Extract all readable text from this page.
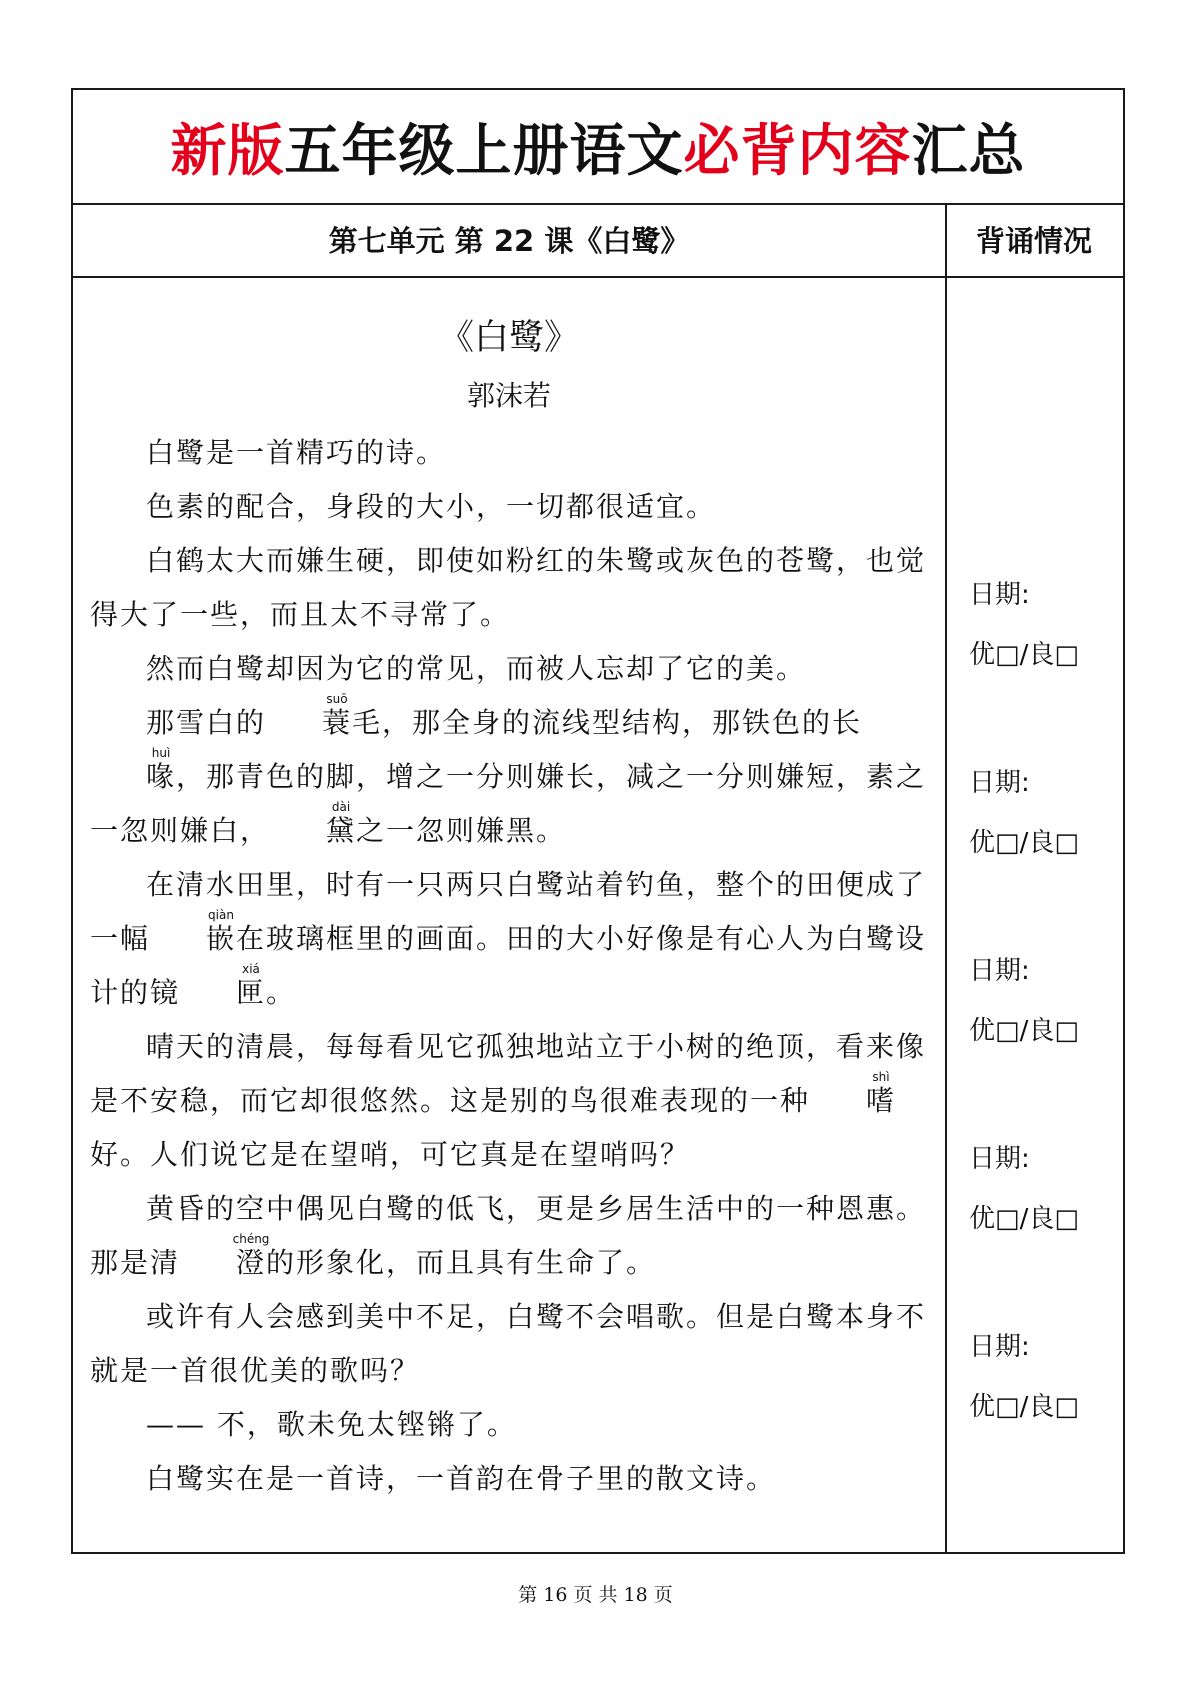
新版五年级上册语文必背内容汇总
第七单元 第 22 课《白鹭》	背诵情况
《白鹭》
郭沫若

白鹭是一首精巧的诗。

色素的配合，身段的大小，一切都很适宜。

白鹤太大而嫌生硬，即使如粉红的朱鹭或灰色的苍鹭，也觉得大了一些，而且太不寻常了。

然而白鹭却因为它的常见，而被人忘却了它的美。

那雪白的
suō
蓑毛，那全身的流线型结构，那铁色的长
huì
喙，那青色的脚，增之一分则嫌长，减之一分则嫌短，素之一忽则嫌白，
dài
黛之一忽则嫌黑。

在清水田里，时有一只两只白鹭站着钓鱼，整个的田便成了一幅
qiàn
嵌在玻璃框里的画面。田的大小好像是有心人为白鹭设计的镜
xiá
匣。

晴天的清晨，每每看见它孤独地站立于小树的绝顶，看来像是不安稳，而它却很悠然。这是别的鸟很难表现的一种
shì
嗜好。人们说它是在望哨，可它真是在望哨吗？

黄昏的空中偶见白鹭的低飞，更是乡居生活中的一种恩惠。那是清
chéng
澄的形象化，而且具有生命了。

或许有人会感到美中不足，白鹭不会唱歌。但是白鹭本身不就是一首很优美的歌吗？

—— 不，歌未免太铿锵了。

白鹭实在是一首诗，一首韵在骨子里的散文诗。

日期:
优□/良□
日期:
优□/良□
日期:
优□/良□
日期:
优□/良□
日期:
优□/良□
第 16 页 共 18 页
